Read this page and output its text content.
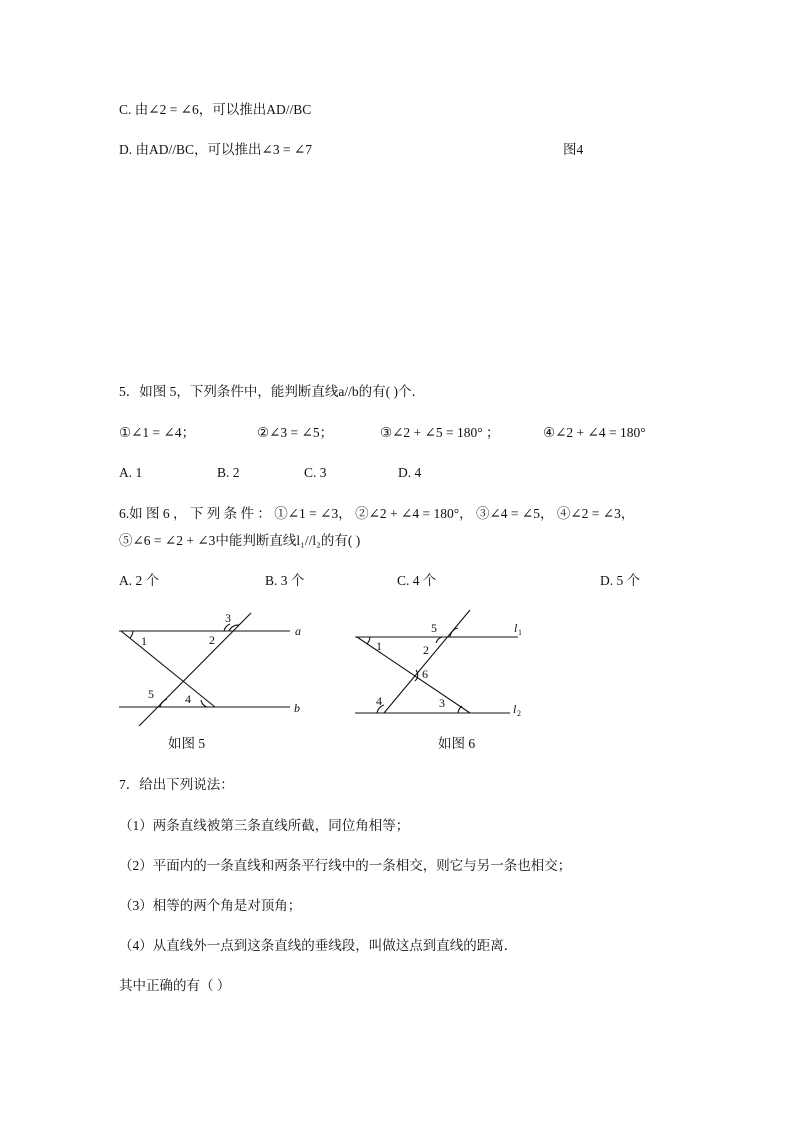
C. 由∠2 = ∠6，可以推出AD//BC
D. 由AD//BC，可以推出∠3 = ∠7	图4
5．如图 5，下列条件中，能判断直线a//b的有( )个．
①∠1 = ∠4；	②∠3 = ∠5；	③∠2 + ∠5 = 180° ；	④∠2 + ∠4 = 180°
A. 1	B. 2	C. 3	D. 4
6.如 图 6 ， 下 列 条 件 ： ①∠1 = ∠3， ②∠2 + ∠4 = 180°， ③∠4 = ∠5， ④∠2 = ∠3，
⑤∠6 = ∠2 + ∠3中能判断直线l₁//l₂的有( )
A. 2 个	B. 3 个	C. 4 个	D. 5 个
1	2
3
4
5
a
b
1	2
3
4
5
6
l 1
l 2
如图 5	如图 6
7．给出下列说法：
（1）两条直线被第三条直线所截，同位角相等；
（2）平面内的一条直线和两条平行线中的一条相交，则它与另一条也相交；
（3）相等的两个角是对顶角；
（4）从直线外一点到这条直线的垂线段，叫做这点到直线的距离．
其中正确的有（ ）
